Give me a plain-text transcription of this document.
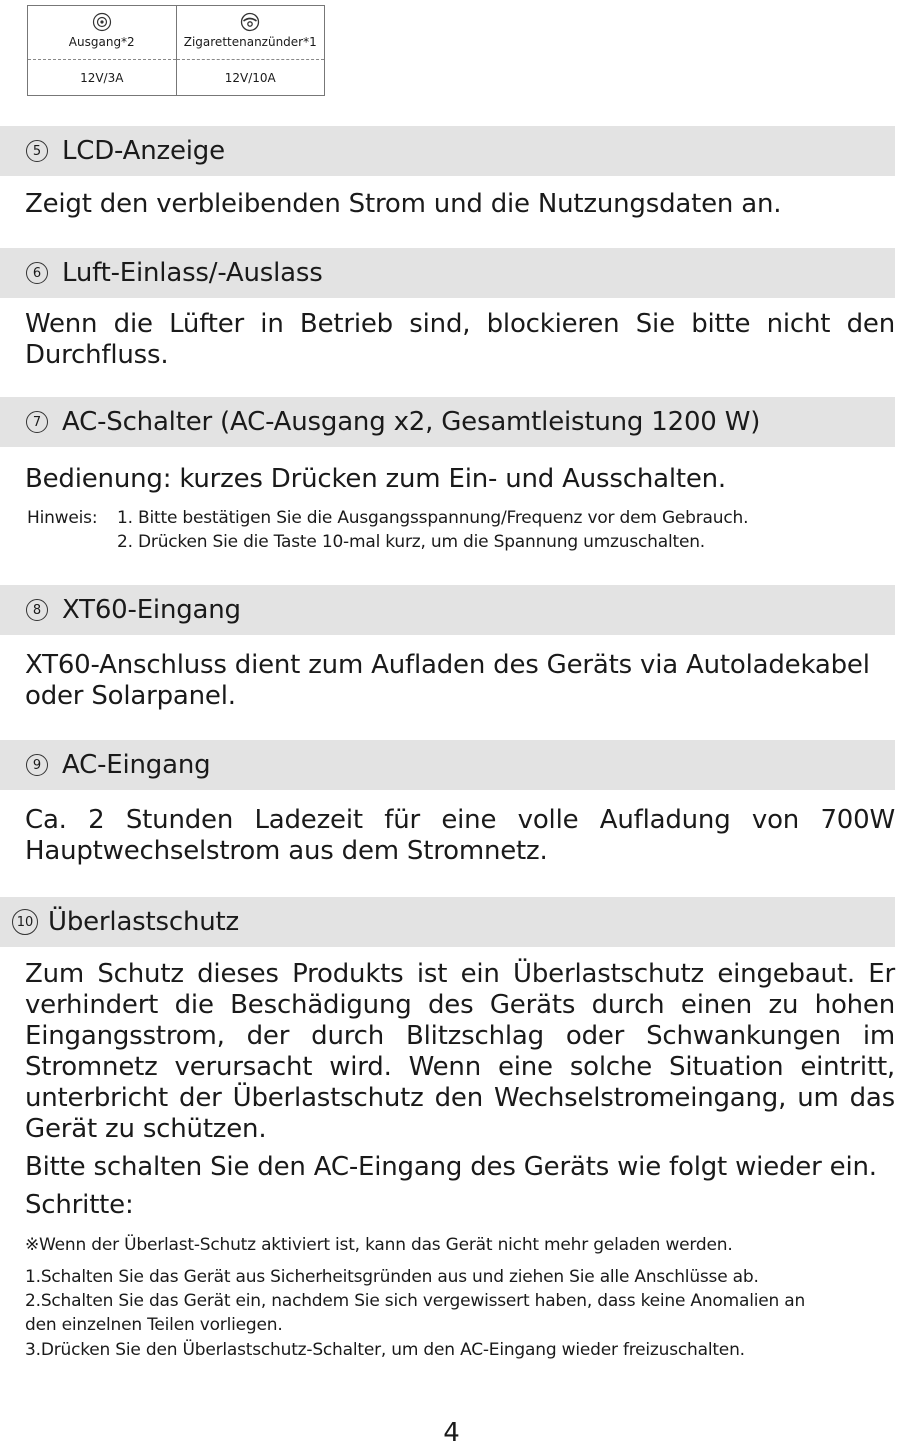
Ausgang*2
12V/3A
Zigarettenanzünder*1
12V/10A
5 LCD-Anzeige

Zeigt den verbleibenden Strom und die Nutzungsdaten an.

6 Luft-Einlass/-Auslass

Wenn die Lüfter in Betrieb sind, blockieren Sie bitte nicht den Durchfluss.

7 AC-Schalter (AC-Ausgang x2, Gesamtleistung 1200 W)

Bedienung: kurzes Drücken zum Ein- und Ausschalten.

Hinweis: 1. Bitte bestätigen Sie die Ausgangsspannung/Frequenz vor dem Gebrauch.

2. Drücken Sie die Taste 10-mal kurz, um die Spannung umzuschalten.

8 XT60-Eingang

XT60-Anschluss dient zum Aufladen des Geräts via Autoladekabel oder Solarpanel.

9 AC-Eingang

Ca. 2 Stunden Ladezeit für eine volle Aufladung von 700W Hauptwechselstrom aus dem Stromnetz.

10 Überlastschutz

Zum Schutz dieses Produkts ist ein Überlastschutz eingebaut. Er verhindert die Beschädigung des Geräts durch einen zu hohen Eingangsstrom, der durch Blitzschlag oder Schwankungen im Stromnetz verursacht wird. Wenn eine solche Situation eintritt, unterbricht der Überlastschutz den Wechselstromeingang, um das Gerät zu schützen.

Bitte schalten Sie den AC-Eingang des Geräts wie folgt wieder ein.

Schritte:

※Wenn der Überlast-Schutz aktiviert ist, kann das Gerät nicht mehr geladen werden.

1.Schalten Sie das Gerät aus Sicherheitsgründen aus und ziehen Sie alle Anschlüsse ab.

2.Schalten Sie das Gerät ein, nachdem Sie sich vergewissert haben, dass keine Anomalien an

den einzelnen Teilen vorliegen.

3.Drücken Sie den Überlastschutz-Schalter, um den AC-Eingang wieder freizuschalten.

4
